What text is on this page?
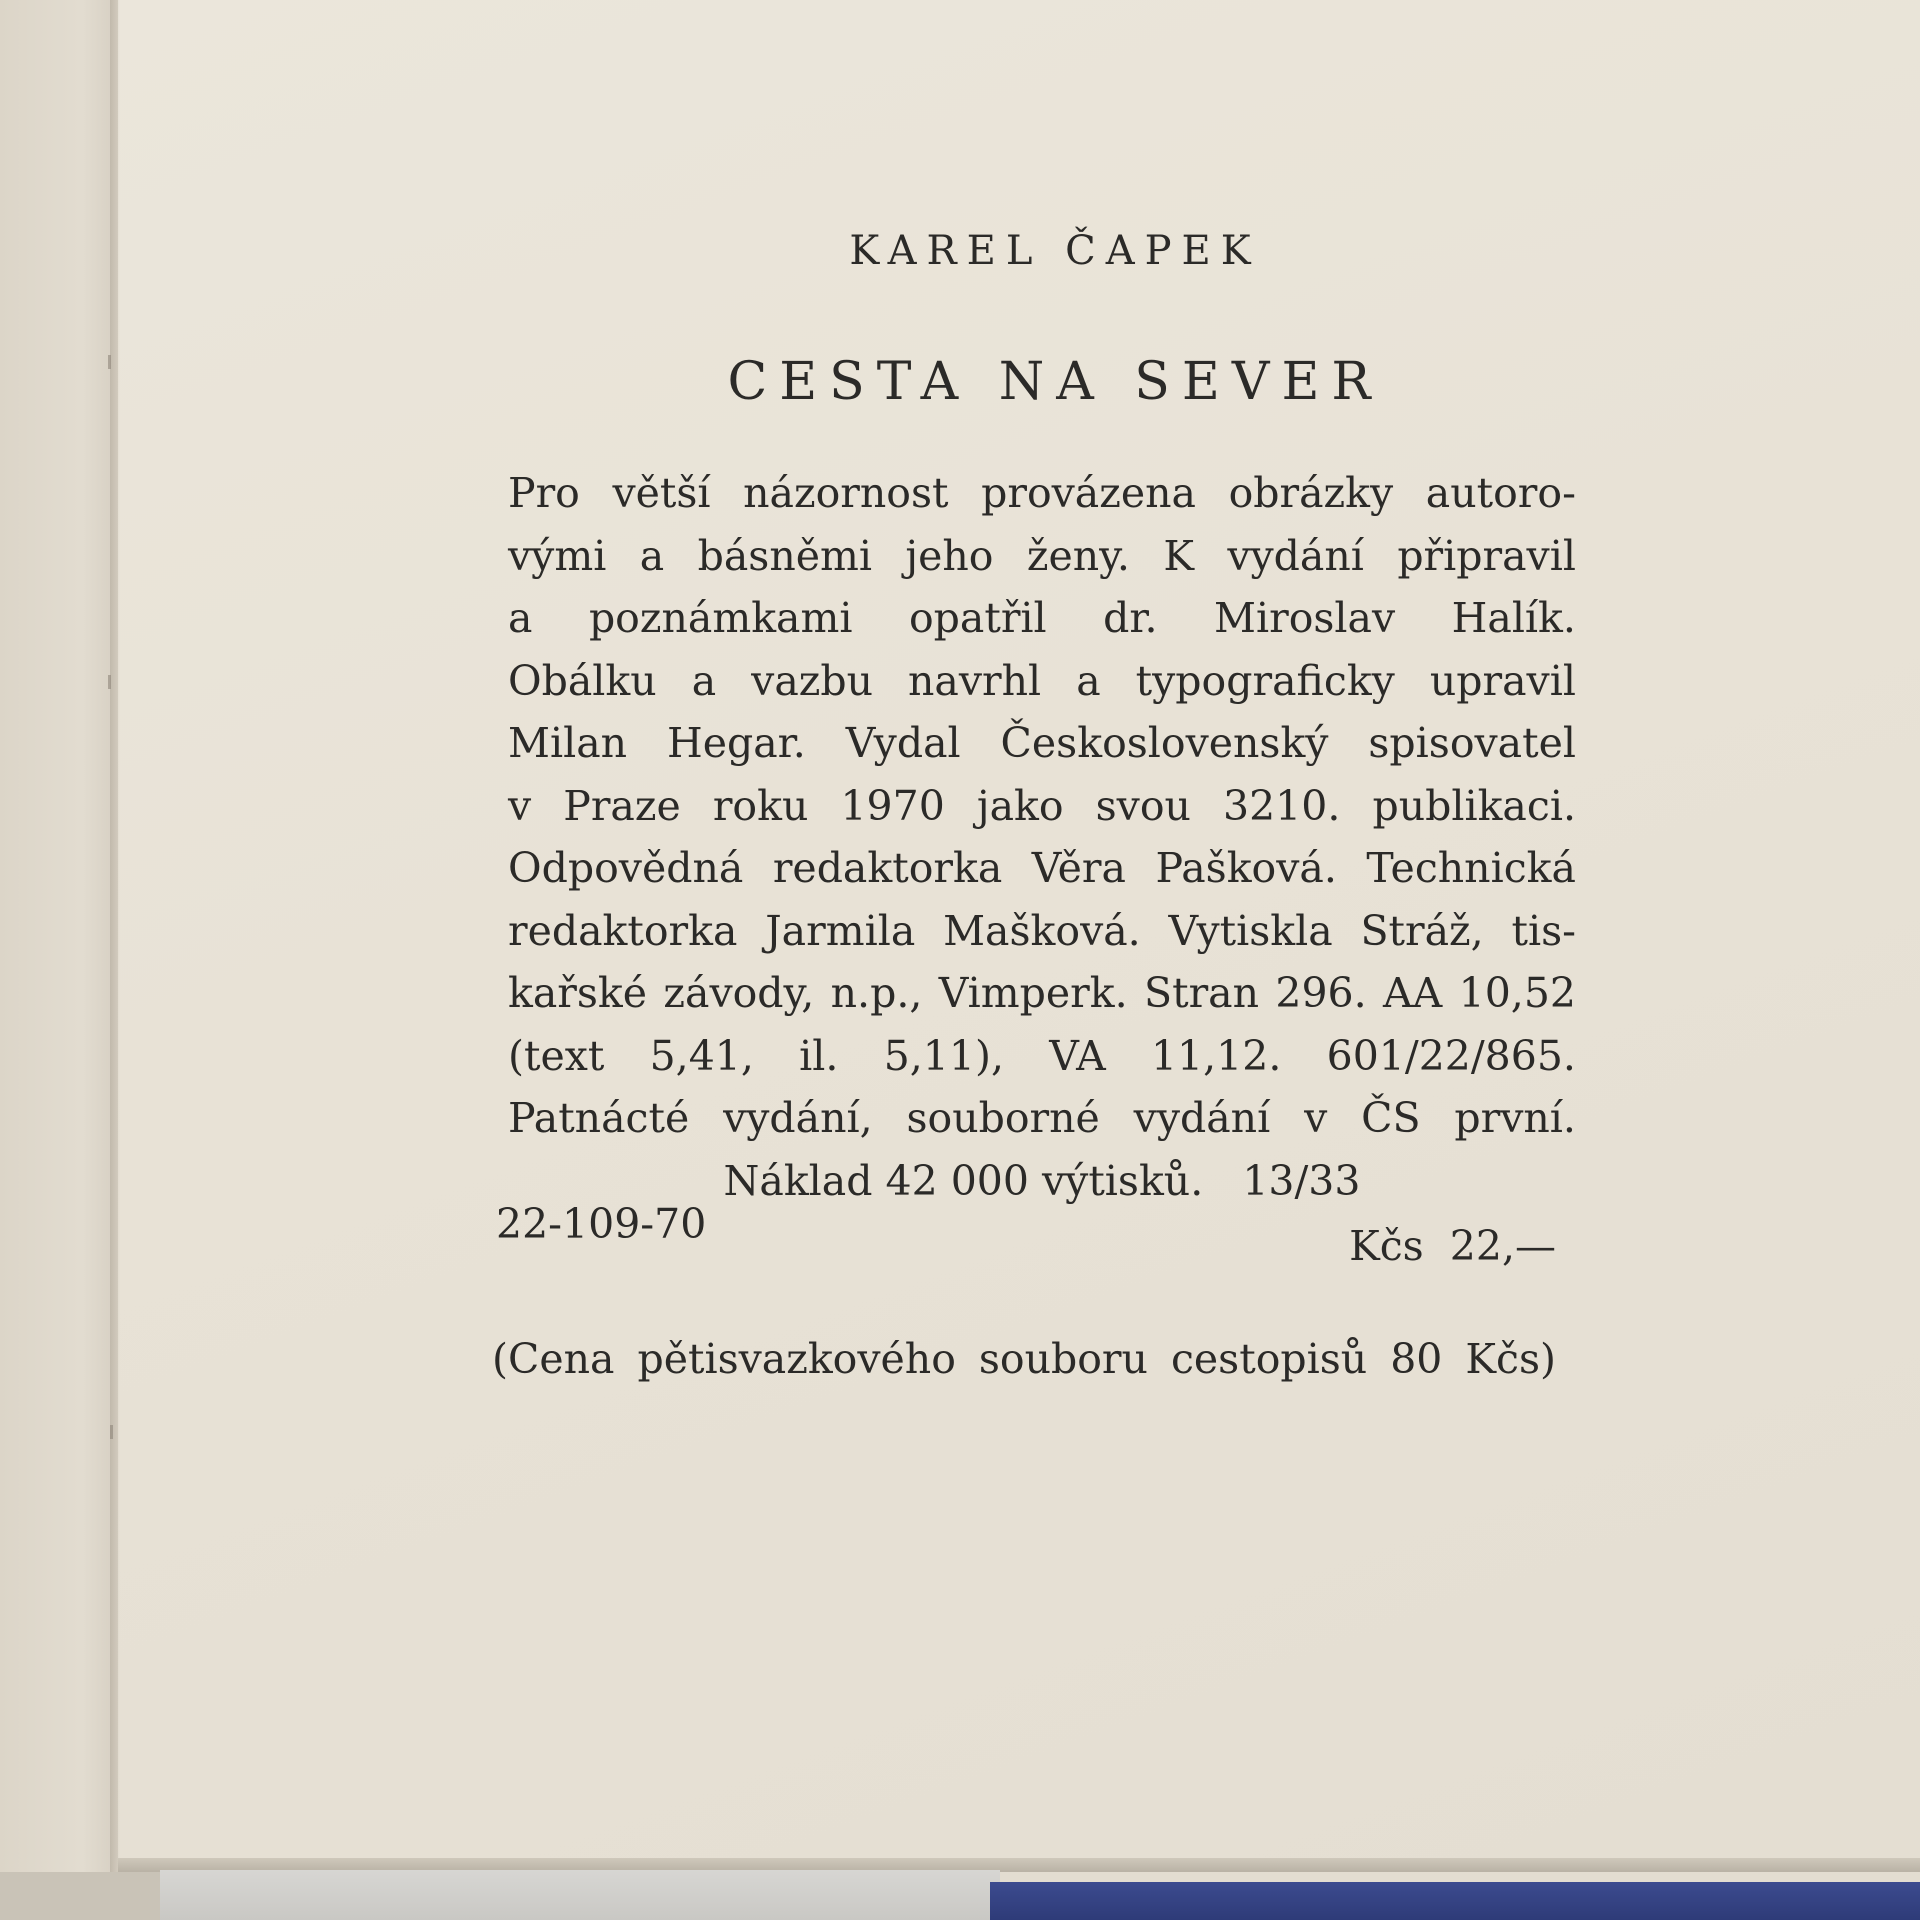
KAREL ČAPEK
CESTA NA SEVER
Pro větší názornost provázena obrázky autoro-
vými a básněmi jeho ženy. K vydání připravil
a poznámkami opatřil dr. Miroslav Halík.
Obálku a vazbu navrhl a typograficky upravil
Milan Hegar. Vydal Československý spisovatel
v Praze roku 1970 jako svou 3210. publikaci.
Odpovědná redaktorka Věra Pašková. Technická
redaktorka Jarmila Mašková. Vytiskla Stráž, tis-
kařské závody, n.p., Vimperk. Stran 296. AA 10,52
(text 5,41, il. 5,11), VA 11,12. 601/22/865.
Patnácté vydání, souborné vydání v ČS první.
Náklad 42 000 výtisků.   13/33
22-109-70	Kčs  22,—
(Cena pětisvazkového souboru cestopisů 80 Kčs)
